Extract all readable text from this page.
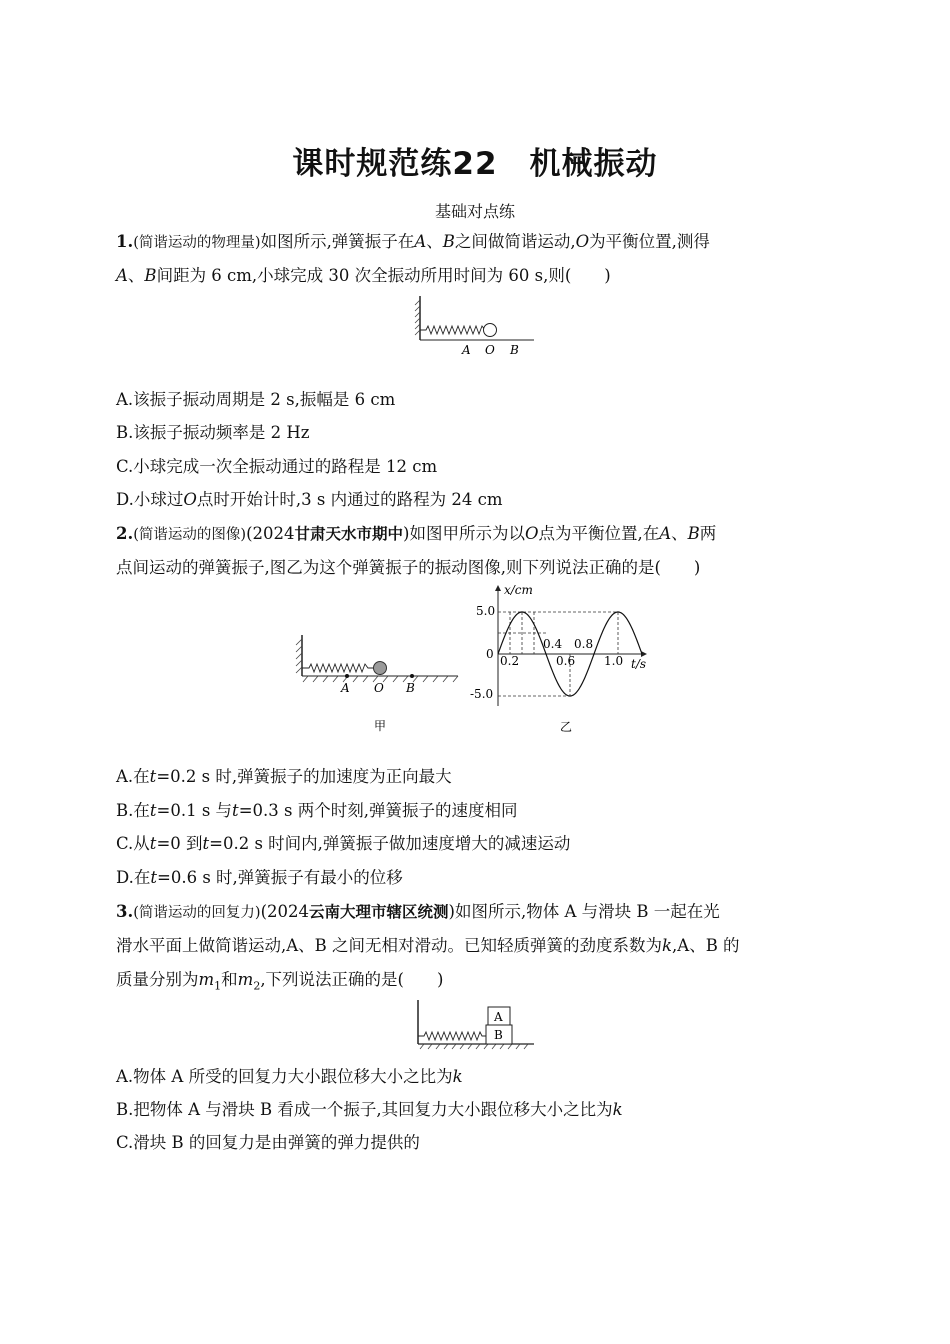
课时规范练22　机械振动
基础对点练
1.(简谐运动的物理量)如图所示,弹簧振子在A、B之间做简谐运动,O为平衡位置,测得
A、B间距为 6 cm,小球完成 30 次全振动所用时间为 60 s,则(　　)
A O B
A.该振子振动周期是 2 s,振幅是 6 cm
B.该振子振动频率是 2 Hz
C.小球完成一次全振动通过的路程是 12 cm
D.小球过O点时开始计时,3 s 内通过的路程为 24 cm
2.(简谐运动的图像)(2024甘肃天水市期中)如图甲所示为以O点为平衡位置,在A、B两
点间运动的弹簧振子,图乙为这个弹簧振子的振动图像,则下列说法正确的是(　　)
A O B
甲
x/cm
t/s
5.0
0
-5.0
0.2
0.4
0.6
0.8
1.0
乙
A.在t=0.2 s 时,弹簧振子的加速度为正向最大
B.在t=0.1 s 与t=0.3 s 两个时刻,弹簧振子的速度相同
C.从t=0 到t=0.2 s 时间内,弹簧振子做加速度增大的减速运动
D.在t=0.6 s 时,弹簧振子有最小的位移
3.(简谐运动的回复力)(2024云南大理市辖区统测)如图所示,物体 A 与滑块 B 一起在光
滑水平面上做简谐运动,A、B 之间无相对滑动。已知轻质弹簧的劲度系数为k,A、B 的
质量分别为$m_1$和$m_2$,下列说法正确的是(　　)
A
B
A.物体 A 所受的回复力大小跟位移大小之比为k
B.把物体 A 与滑块 B 看成一个振子,其回复力大小跟位移大小之比为k
C.滑块 B 的回复力是由弹簧的弹力提供的
